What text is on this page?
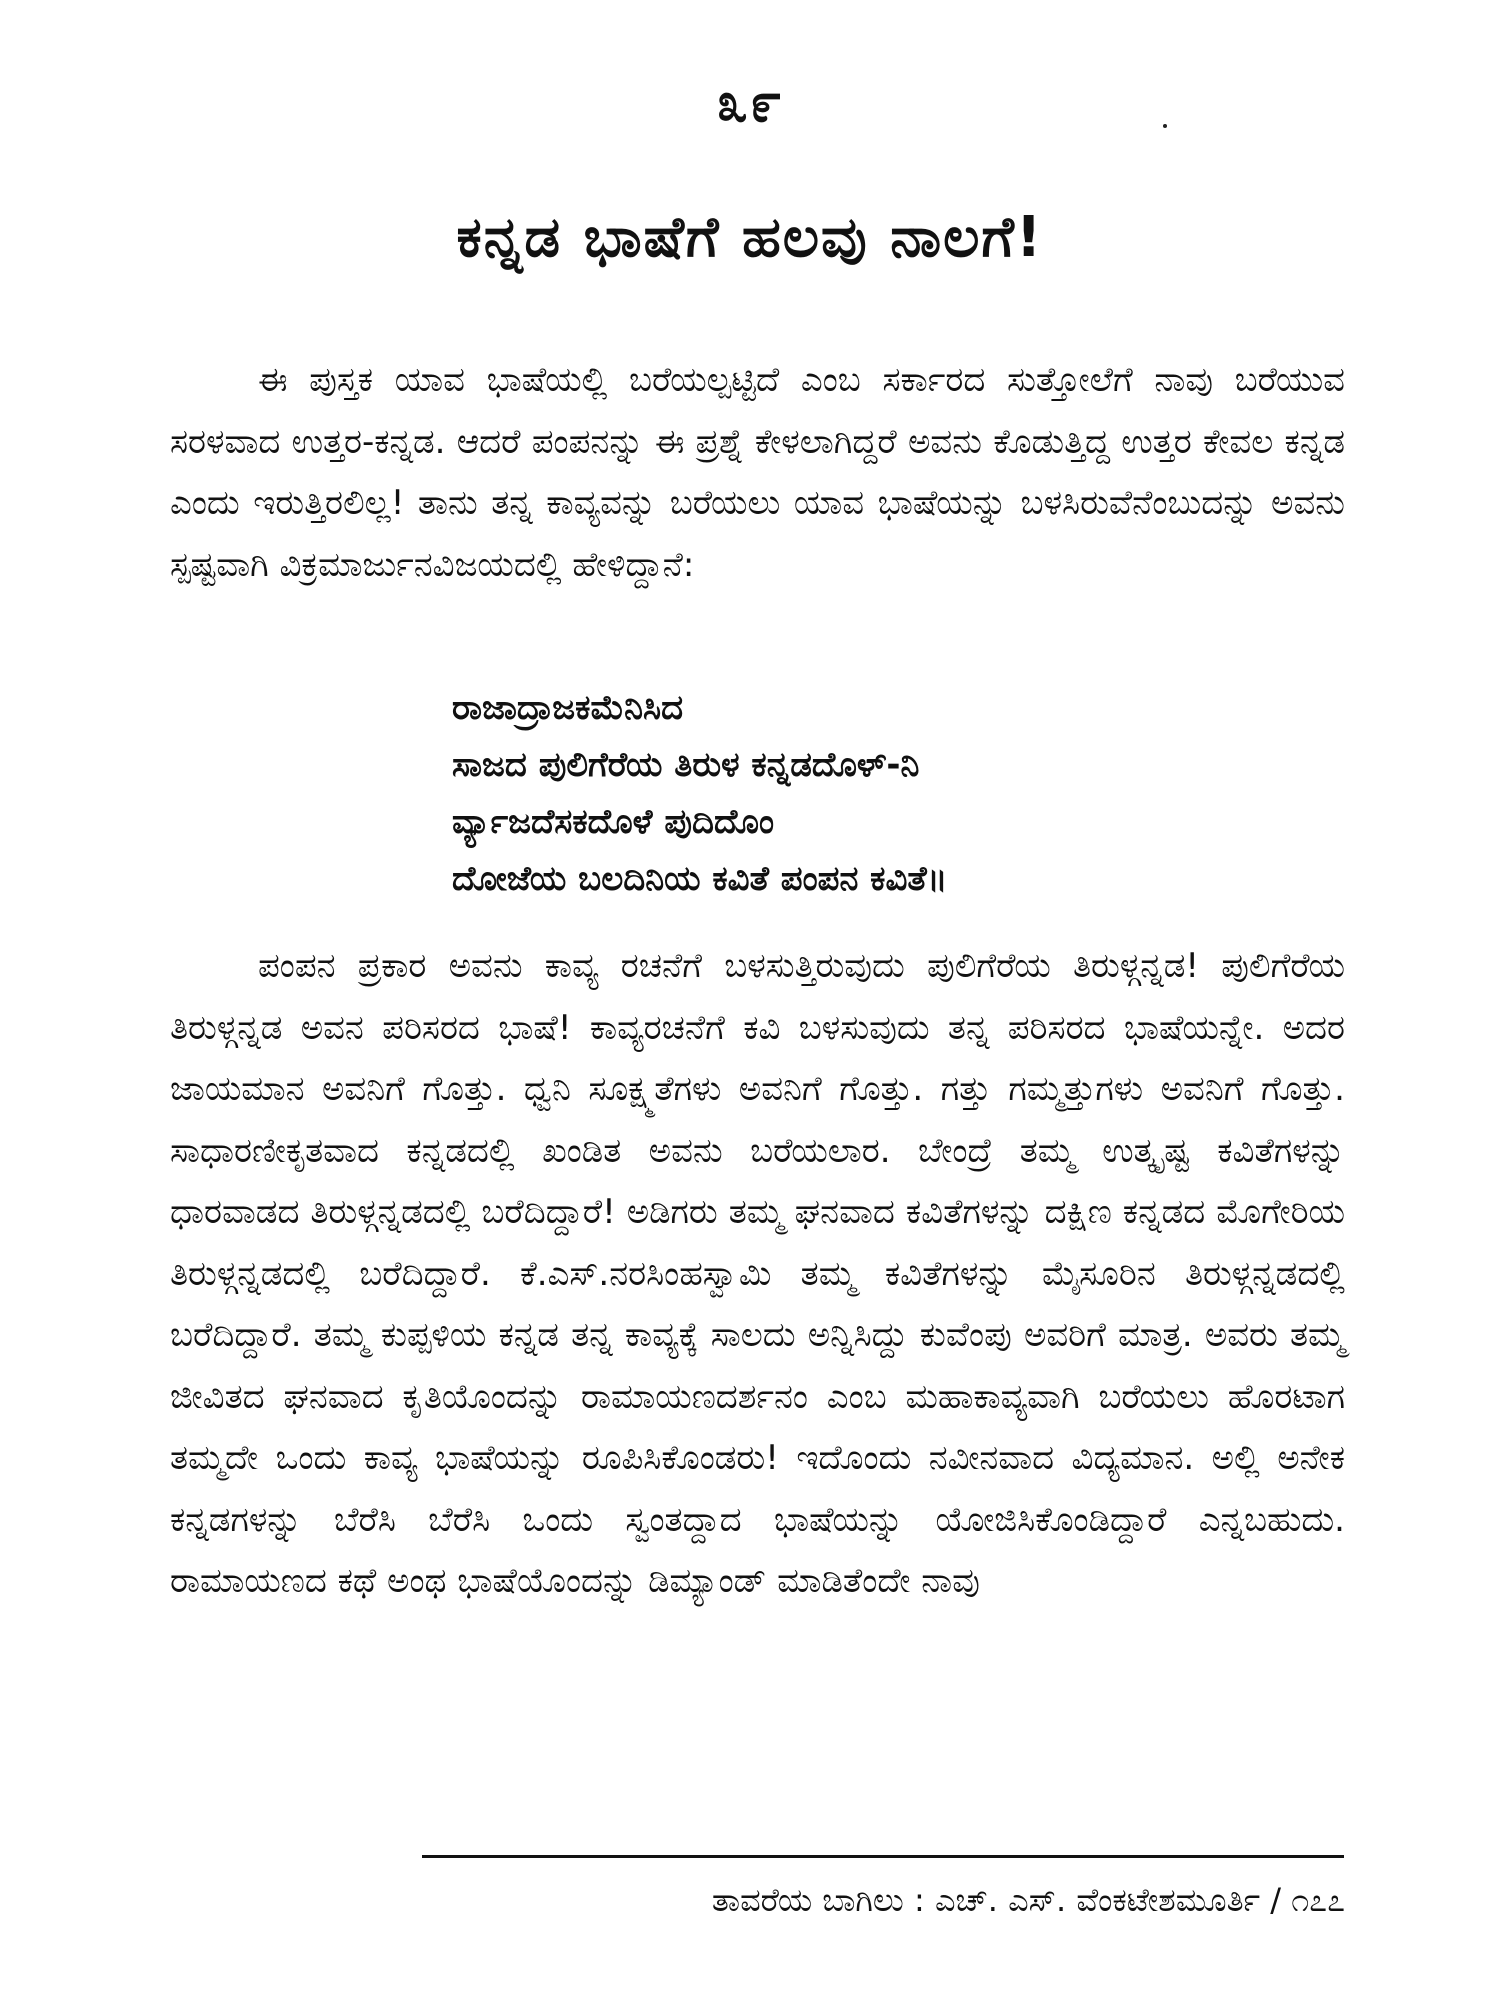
೩೯
ಕನ್ನಡ ಭಾಷೆಗೆ ಹಲವು ನಾಲಗೆ!

ಈ ಪುಸ್ತಕ ಯಾವ ಭಾಷೆಯಲ್ಲಿ ಬರೆಯಲ್ಪಟ್ಟಿದೆ ಎಂಬ ಸರ್ಕಾರದ ಸುತ್ತೋಲೆಗೆ ನಾವು ಬರೆಯುವ ಸರಳವಾದ ಉತ್ತರ-ಕನ್ನಡ. ಆದರೆ ಪಂಪನನ್ನು ಈ ಪ್ರಶ್ನೆ ಕೇಳಲಾಗಿದ್ದರೆ ಅವನು ಕೊಡುತ್ತಿದ್ದ ಉತ್ತರ ಕೇವಲ ಕನ್ನಡ ಎಂದು ಇರುತ್ತಿರಲಿಲ್ಲ! ತಾನು ತನ್ನ ಕಾವ್ಯವನ್ನು ಬರೆಯಲು ಯಾವ ಭಾಷೆಯನ್ನು ಬಳಸಿರುವೆನೆಂಬುದನ್ನು ಅವನು ಸ್ಪಷ್ಟವಾಗಿ ವಿಕ್ರಮಾರ್ಜುನವಿಜಯದಲ್ಲಿ ಹೇಳಿದ್ದಾನೆ:

ರಾಜಾದ್ರಾಜಕಮೆನಿಸಿದ
ಸಾಜದ ಪುಲಿಗೆರೆಯ ತಿರುಳ ಕನ್ನಡದೊಳ್-ನಿ
ರ್ವ್ಯಾಜದೆಸಕದೊಳೆ ಪುದಿದೊಂ
ದೋಜೆಯ ಬಲದಿನಿಯ ಕವಿತೆ ಪಂಪನ ಕವಿತೆ॥

ಪಂಪನ ಪ್ರಕಾರ ಅವನು ಕಾವ್ಯ ರಚನೆಗೆ ಬಳಸುತ್ತಿರುವುದು ಪುಲಿಗೆರೆಯ ತಿರುಳ್ಗನ್ನಡ! ಪುಲಿಗೆರೆಯ ತಿರುಳ್ಗನ್ನಡ ಅವನ ಪರಿಸರದ ಭಾಷೆ! ಕಾವ್ಯರಚನೆಗೆ ಕವಿ ಬಳಸುವುದು ತನ್ನ ಪರಿಸರದ ಭಾಷೆಯನ್ನೇ. ಅದರ ಜಾಯಮಾನ ಅವನಿಗೆ ಗೊತ್ತು. ಧ್ವನಿ ಸೂಕ್ಷ್ಮತೆಗಳು ಅವನಿಗೆ ಗೊತ್ತು. ಗತ್ತು ಗಮ್ಮತ್ತುಗಳು ಅವನಿಗೆ ಗೊತ್ತು. ಸಾಧಾರಣೀಕೃತವಾದ ಕನ್ನಡದಲ್ಲಿ ಖಂಡಿತ ಅವನು ಬರೆಯಲಾರ. ಬೇಂದ್ರೆ ತಮ್ಮ ಉತ್ಕೃಷ್ಟ ಕವಿತೆಗಳನ್ನು ಧಾರವಾಡದ ತಿರುಳ್ಗನ್ನಡದಲ್ಲಿ ಬರೆದಿದ್ದಾರೆ! ಅಡಿಗರು ತಮ್ಮ ಘನವಾದ ಕವಿತೆಗಳನ್ನು ದಕ್ಷಿಣ ಕನ್ನಡದ ಮೊಗೇರಿಯ ತಿರುಳ್ಗನ್ನಡದಲ್ಲಿ ಬರೆದಿದ್ದಾರೆ. ಕೆ.ಎಸ್.ನರಸಿಂಹಸ್ವಾಮಿ ತಮ್ಮ ಕವಿತೆಗಳನ್ನು ಮೈಸೂರಿನ ತಿರುಳ್ಗನ್ನಡದಲ್ಲಿ ಬರೆದಿದ್ದಾರೆ. ತಮ್ಮ ಕುಪ್ಪಳಿಯ ಕನ್ನಡ ತನ್ನ ಕಾವ್ಯಕ್ಕೆ ಸಾಲದು ಅನ್ನಿಸಿದ್ದು ಕುವೆಂಪು ಅವರಿಗೆ ಮಾತ್ರ. ಅವರು ತಮ್ಮ ಜೀವಿತದ ಘನವಾದ ಕೃತಿಯೊಂದನ್ನು ರಾಮಾಯಣದರ್ಶನಂ ಎಂಬ ಮಹಾಕಾವ್ಯವಾಗಿ ಬರೆಯಲು ಹೊರಟಾಗ ತಮ್ಮದೇ ಒಂದು ಕಾವ್ಯ ಭಾಷೆಯನ್ನು ರೂಪಿಸಿಕೊಂಡರು! ಇದೊಂದು ನವೀನವಾದ ವಿದ್ಯಮಾನ. ಅಲ್ಲಿ ಅನೇಕ ಕನ್ನಡಗಳನ್ನು ಬೆರೆಸಿ ಬೆರೆಸಿ ಒಂದು ಸ್ವಂತದ್ದಾದ ಭಾಷೆಯನ್ನು ಯೋಜಿಸಿಕೊಂಡಿದ್ದಾರೆ ಎನ್ನಬಹುದು. ರಾಮಾಯಣದ ಕಥೆ ಅಂಥ ಭಾಷೆಯೊಂದನ್ನು ಡಿಮ್ಯಾಂಡ್ ಮಾಡಿತೆಂದೇ ನಾವು

ತಾವರೆಯ ಬಾಗಿಲು : ಎಚ್. ಎಸ್. ವೆಂಕಟೇಶಮೂರ್ತಿ / ೧೭೭
